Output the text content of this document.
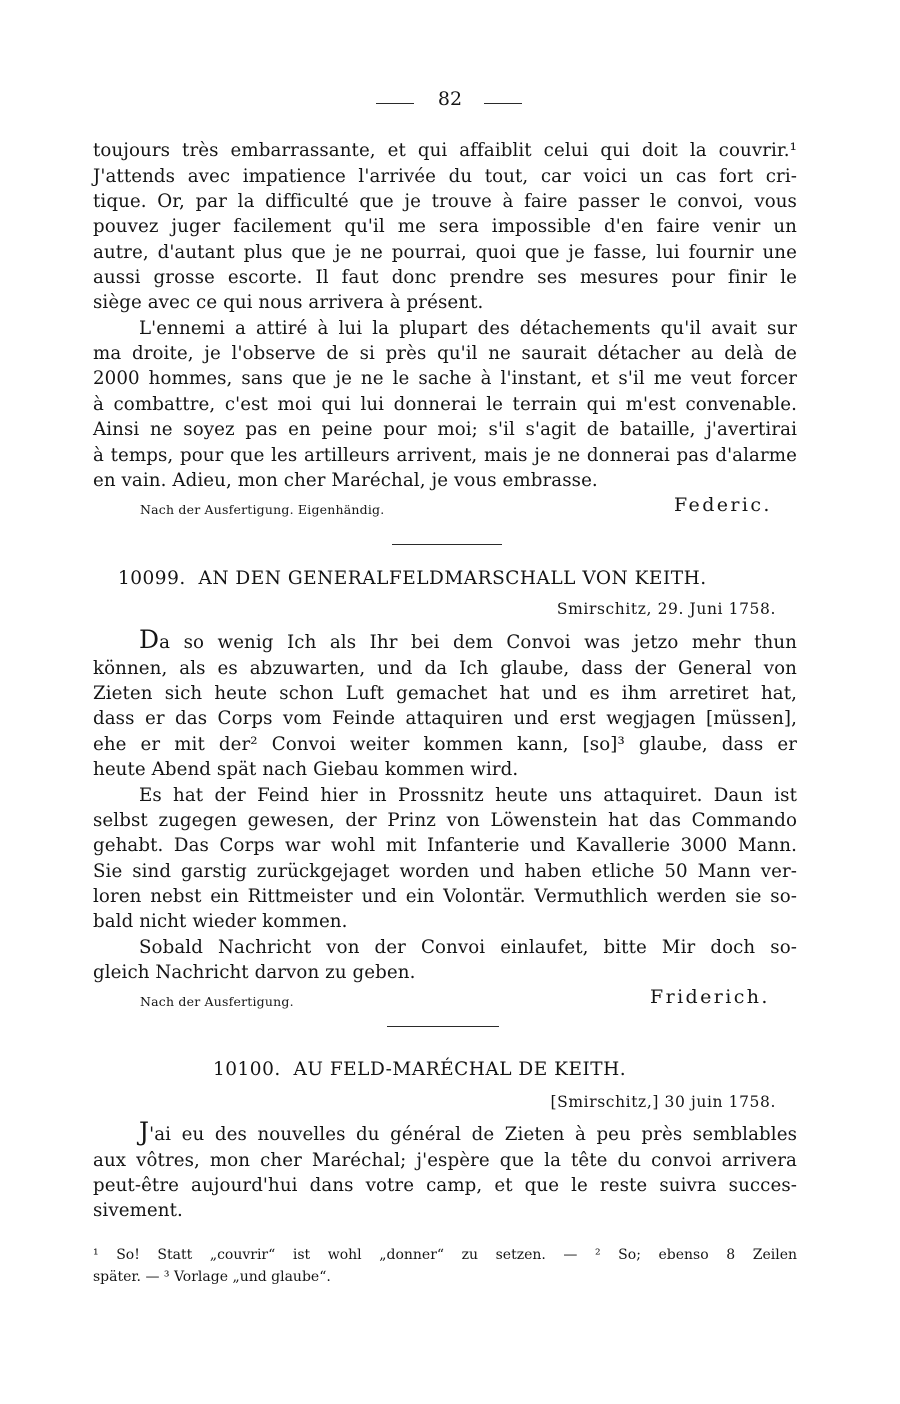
82
toujours très embarrassante, et qui affaiblit celui qui doit la couvrir.¹
J'attends avec impatience l'arrivée du tout, car voici un cas fort cri-
tique. Or, par la difficulté que je trouve à faire passer le convoi, vous
pouvez juger facilement qu'il me sera impossible d'en faire venir un
autre, d'autant plus que je ne pourrai, quoi que je fasse, lui fournir une
aussi grosse escorte. Il faut donc prendre ses mesures pour finir le
siège avec ce qui nous arrivera à présent.
L'ennemi a attiré à lui la plupart des détachements qu'il avait sur
ma droite, je l'observe de si près qu'il ne saurait détacher au delà de
2000 hommes, sans que je ne le sache à l'instant, et s'il me veut forcer
à combattre, c'est moi qui lui donnerai le terrain qui m'est convenable.
Ainsi ne soyez pas en peine pour moi; s'il s'agit de bataille, j'avertirai
à temps, pour que les artilleurs arrivent, mais je ne donnerai pas d'alarme
en vain. Adieu, mon cher Maréchal, je vous embrasse.
Nach der Ausfertigung. Eigenhändig.	Federic.
10099. AN DEN GENERALFELDMARSCHALL VON KEITH.
Smirschitz, 29. Juni 1758.
Da so wenig Ich als Ihr bei dem Convoi was jetzo mehr thun
können, als es abzuwarten, und da Ich glaube, dass der General von
Zieten sich heute schon Luft gemachet hat und es ihm arretiret hat,
dass er das Corps vom Feinde attaquiren und erst wegjagen [müssen],
ehe er mit der² Convoi weiter kommen kann, [so]³ glaube, dass er
heute Abend spät nach Giebau kommen wird.
Es hat der Feind hier in Prossnitz heute uns attaquiret. Daun ist
selbst zugegen gewesen, der Prinz von Löwenstein hat das Commando
gehabt. Das Corps war wohl mit Infanterie und Kavallerie 3000 Mann.
Sie sind garstig zurückgejaget worden und haben etliche 50 Mann ver-
loren nebst ein Rittmeister und ein Volontär. Vermuthlich werden sie so-
bald nicht wieder kommen.
Sobald Nachricht von der Convoi einlaufet, bitte Mir doch so-
gleich Nachricht darvon zu geben.
Nach der Ausfertigung.	Friderich.
10100. AU FELD-MARÉCHAL DE KEITH.
[Smirschitz,] 30 juin 1758.
J'ai eu des nouvelles du général de Zieten à peu près semblables
aux vôtres, mon cher Maréchal; j'espère que la tête du convoi arrivera
peut-être aujourd'hui dans votre camp, et que le reste suivra succes-
sivement.
¹ So! Statt „couvrir“ ist wohl „donner“ zu setzen. — ² So; ebenso 8 Zeilen
später. — ³ Vorlage „und glaube“.
